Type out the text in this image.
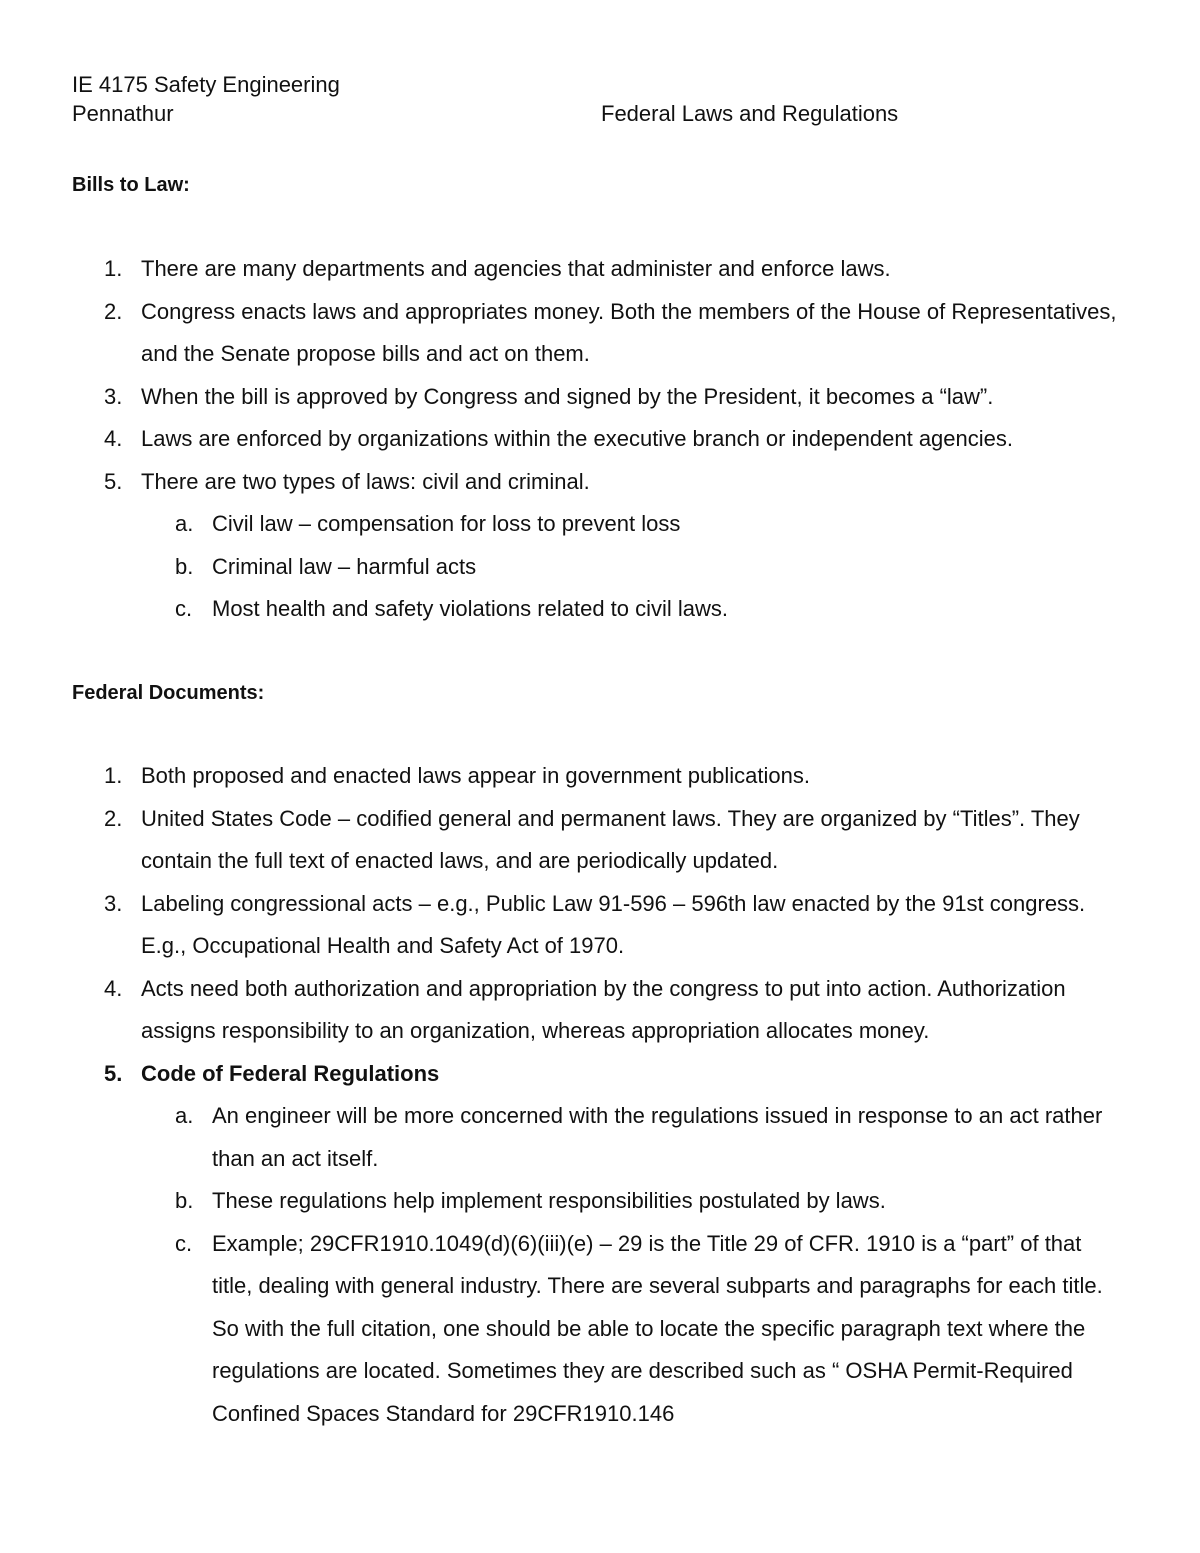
IE 4175 Safety Engineering
Pennathur	Federal Laws and Regulations
Bills to Law:
1. There are many departments and agencies that administer and enforce laws.
2. Congress enacts laws and appropriates money. Both the members of the House of Representatives, and the Senate propose bills and act on them.
3. When the bill is approved by Congress and signed by the President, it becomes a “law”.
4. Laws are enforced by organizations within the executive branch or independent agencies.
5. There are two types of laws: civil and criminal.
a. Civil law – compensation for loss to prevent loss
b. Criminal law – harmful acts
c. Most health and safety violations related to civil laws.
Federal Documents:
1. Both proposed and enacted laws appear in government publications.
2. United States Code – codified general and permanent laws. They are organized by “Titles”. They contain the full text of enacted laws, and are periodically updated.
3. Labeling congressional acts – e.g., Public Law 91-596 – 596th law enacted by the 91st congress. E.g., Occupational Health and Safety Act of 1970.
4. Acts need both authorization and appropriation by the congress to put into action. Authorization assigns responsibility to an organization, whereas appropriation allocates money.
5. Code of Federal Regulations
a. An engineer will be more concerned with the regulations issued in response to an act rather than an act itself.
b. These regulations help implement responsibilities postulated by laws.
c. Example; 29CFR1910.1049(d)(6)(iii)(e) – 29 is the Title 29 of CFR. 1910 is a “part” of that title, dealing with general industry. There are several subparts and paragraphs for each title. So with the full citation, one should be able to locate the specific paragraph text where the regulations are located. Sometimes they are described such as “ OSHA Permit-Required Confined Spaces Standard for 29CFR1910.146
